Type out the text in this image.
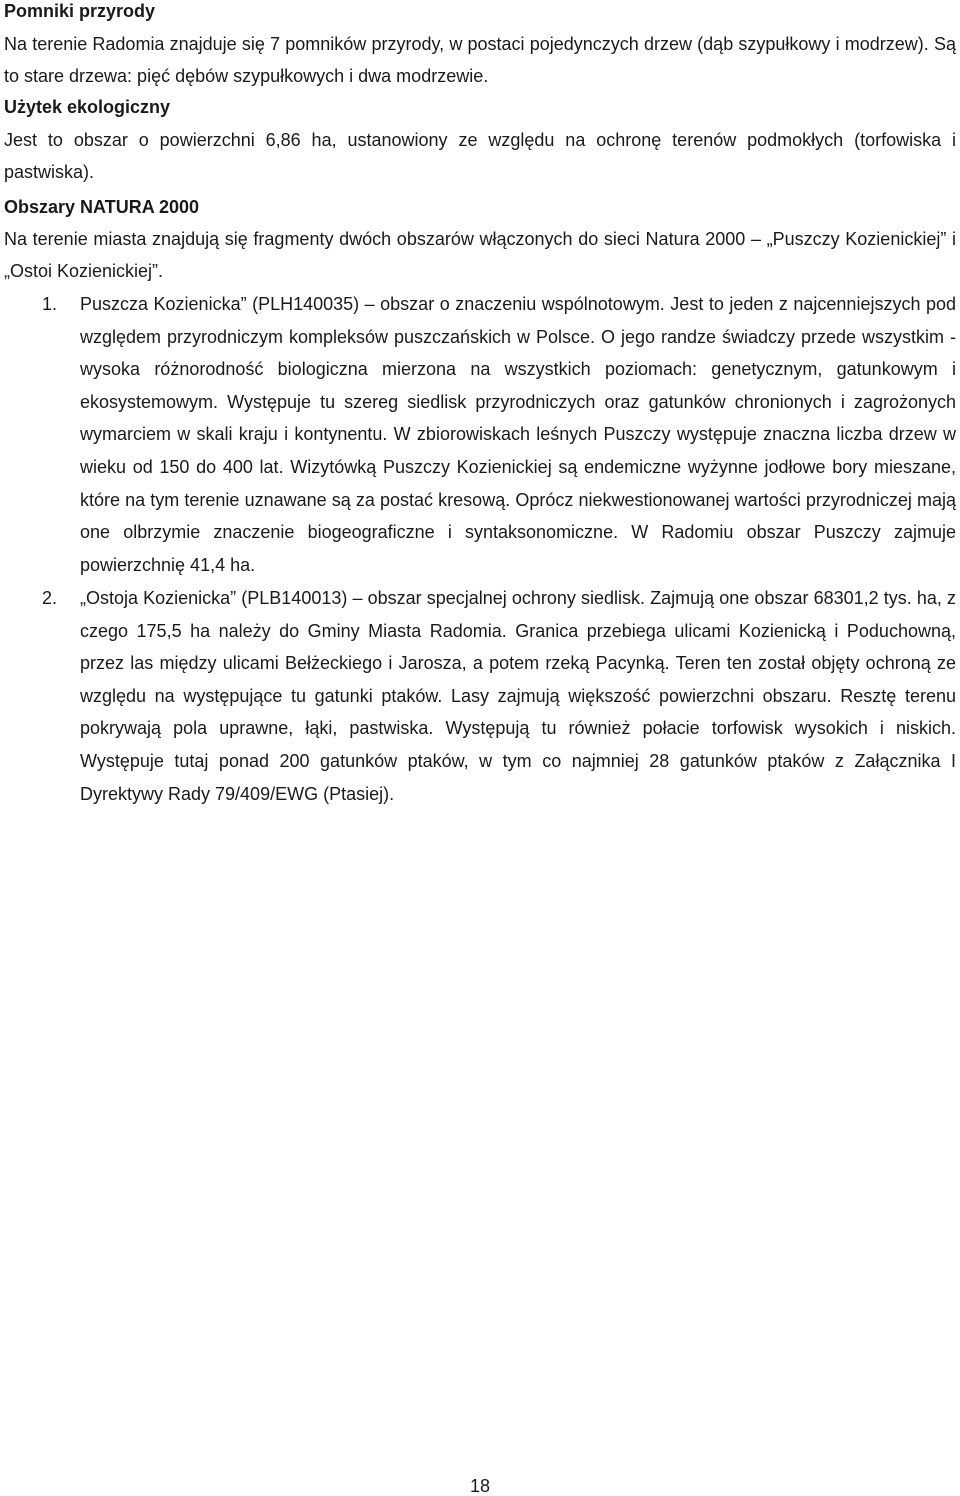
Pomniki przyrody

Na terenie Radomia znajduje się 7 pomników przyrody, w postaci pojedynczych drzew (dąb szypułkowy i modrzew). Są to stare drzewa: pięć dębów szypułkowych i dwa modrzewie.

Użytek ekologiczny

Jest to obszar o powierzchni 6,86 ha, ustanowiony ze względu na ochronę terenów podmokłych (torfowiska i pastwiska).

Obszary NATURA 2000

Na terenie miasta znajdują się fragmenty dwóch obszarów włączonych do sieci Natura 2000 – „Puszczy Kozienickiej” i „Ostoi Kozienickiej”.

1. Puszcza Kozienicka” (PLH140035) – obszar o znaczeniu wspólnotowym. Jest to jeden z najcenniejszych pod względem przyrodniczym kompleksów puszczańskich w Polsce. O jego randze świadczy przede wszystkim - wysoka różnorodność biologiczna mierzona na wszystkich poziomach: genetycznym, gatunkowym i ekosystemowym. Występuje tu szereg siedlisk przyrodniczych oraz gatunków chronionych i zagrożonych wymarciem w skali kraju i kontynentu. W zbiorowiskach leśnych Puszczy występuje znaczna liczba drzew w wieku od 150 do 400 lat. Wizytówką Puszczy Kozienickiej są endemiczne wyżynne jodłowe bory mieszane, które na tym terenie uznawane są za postać kresową. Oprócz niekwestionowanej wartości przyrodniczej mają one olbrzymie znaczenie biogeograficzne i syntaksonomiczne. W Radomiu obszar Puszczy zajmuje powierzchnię 41,4 ha.

2. „Ostoja Kozienicka” (PLB140013) – obszar specjalnej ochrony siedlisk. Zajmują one obszar 68301,2 tys. ha, z czego 175,5 ha należy do Gminy Miasta Radomia. Granica przebiega ulicami Kozienicką i Poduchowną, przez las między ulicami Bełżeckiego i Jarosza, a potem rzeką Pacynką. Teren ten został objęty ochroną ze względu na występujące tu gatunki ptaków. Lasy zajmują większość powierzchni obszaru. Resztę terenu pokrywają pola uprawne, łąki, pastwiska. Występują tu również połacie torfowisk wysokich i niskich. Występuje tutaj ponad 200 gatunków ptaków, w tym co najmniej 28 gatunków ptaków z Załącznika I Dyrektywy Rady 79/409/EWG (Ptasiej).

18
